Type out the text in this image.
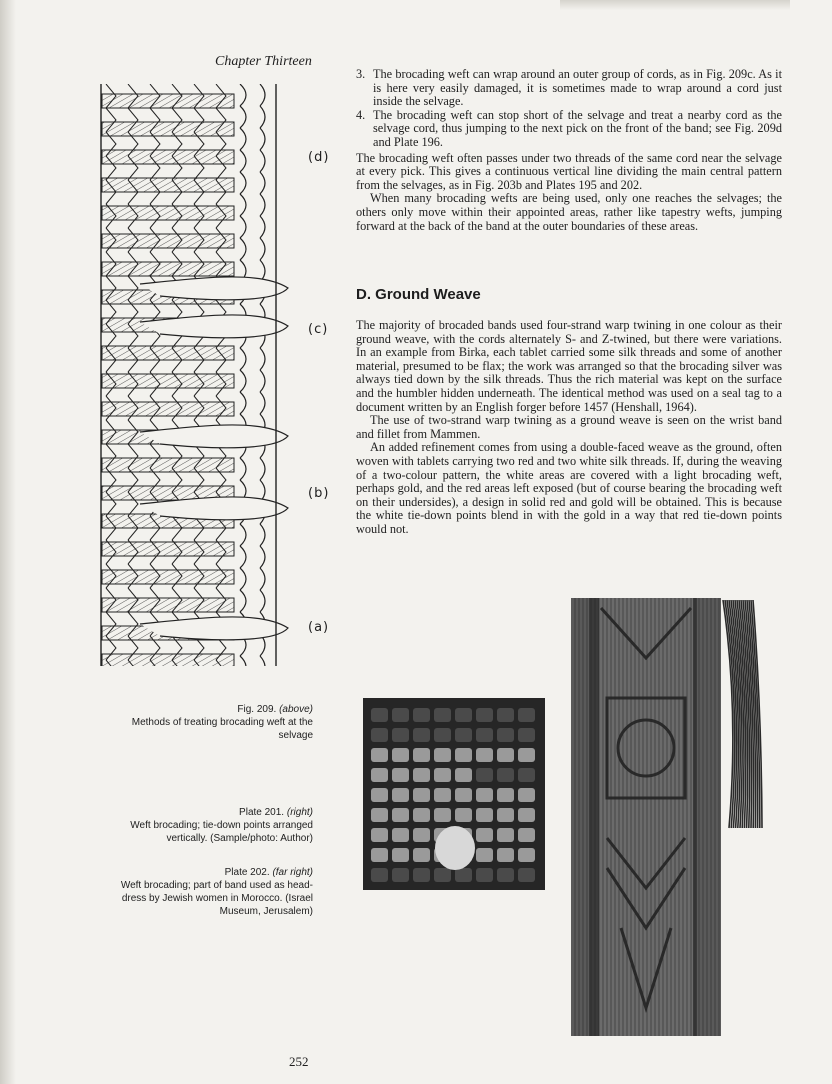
Chapter Thirteen
(d)
(c)
(b)
(a)
Fig. 209. (above)
Methods of treating brocading weft at the selvage
Plate 201. (right)
Weft brocading; tie-down points arranged vertically. (Sample/photo: Author)
Plate 202. (far right)
Weft brocading; part of band used as head-dress by Jewish women in Morocco. (Israel Museum, Jerusalem)
3. The brocading weft can wrap around an outer group of cords, as in Fig. 209c. As it is here very easily damaged, it is sometimes made to wrap around a cord just inside the selvage.
4. The brocading weft can stop short of the selvage and treat a nearby cord as the selvage cord, thus jumping to the next pick on the front of the band; see Fig. 209d and Plate 196.

The brocading weft often passes under two threads of the same cord near the selvage at every pick. This gives a continuous vertical line dividing the main central pattern from the selvages, as in Fig. 203b and Plates 195 and 202.

When many brocading wefts are being used, only one reaches the selvages; the others only move within their appointed areas, rather like tapestry wefts, jumping forward at the back of the band at the outer boundaries of these areas.

D. Ground Weave

The majority of brocaded bands used four-strand warp twining in one colour as their ground weave, with the cords alternately S- and Z-twined, but there were variations. In an example from Birka, each tablet carried some silk threads and some of another material, presumed to be flax; the work was arranged so that the brocading silver was always tied down by the silk threads. Thus the rich material was kept on the surface and the humbler hidden underneath. The identical method was used on a seal tag to a document written by an English forger before 1457 (Henshall, 1964).

The use of two-strand warp twining as a ground weave is seen on the wrist band and fillet from Mammen.

An added refinement comes from using a double-faced weave as the ground, often woven with tablets carrying two red and two white silk threads. If, during the weaving of a two-colour pattern, the white areas are covered with a light brocading weft, perhaps gold, and the red areas left exposed (but of course bearing the brocading weft on their undersides), a design in solid red and gold will be obtained. This is because the white tie-down points blend in with the gold in a way that red tie-down points would not.

252
